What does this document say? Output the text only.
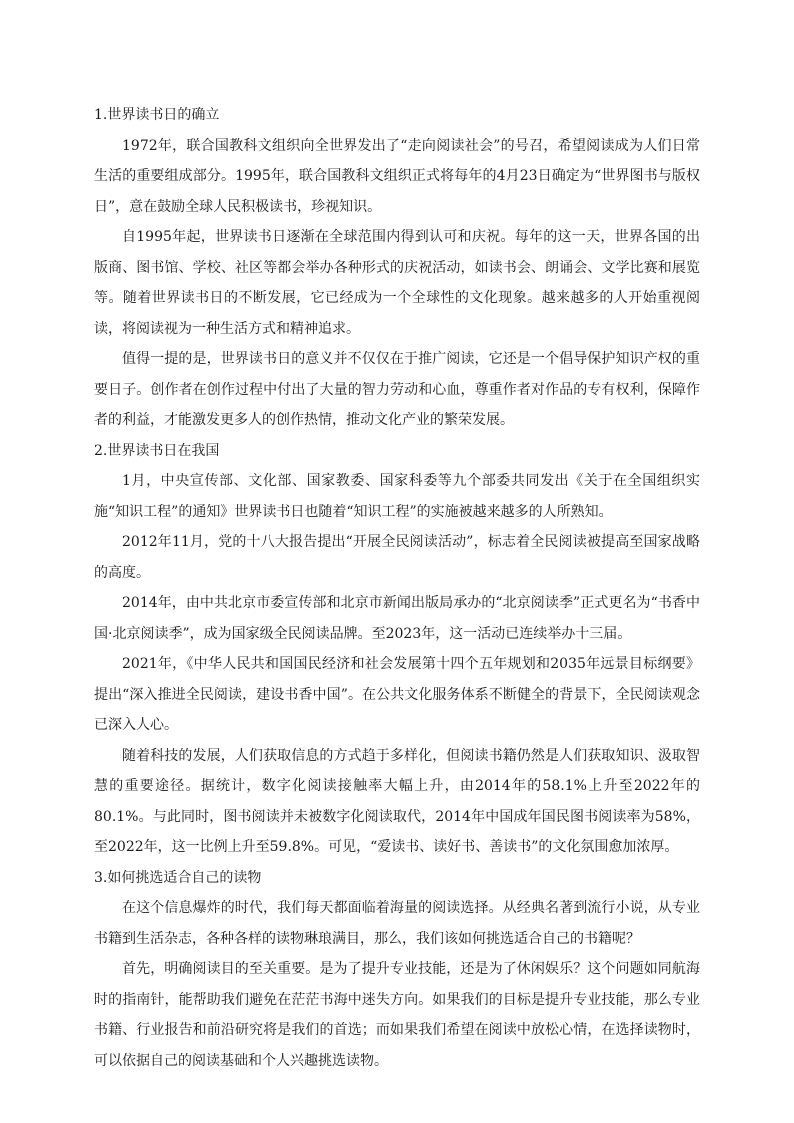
1.世界读书日的确立

1972年，联合国教科文组织向全世界发出了“走向阅读社会”的号召，希望阅读成为人们日常生活的重要组成部分。1995年，联合国教科文组织正式将每年的4月23日确定为“世界图书与版权日”，意在鼓励全球人民积极读书，珍视知识。

自1995年起，世界读书日逐渐在全球范围内得到认可和庆祝。每年的这一天，世界各国的出版商、图书馆、学校、社区等都会举办各种形式的庆祝活动，如读书会、朗诵会、文学比赛和展览等。随着世界读书日的不断发展，它已经成为一个全球性的文化现象。越来越多的人开始重视阅读，将阅读视为一种生活方式和精神追求。

值得一提的是，世界读书日的意义并不仅仅在于推广阅读，它还是一个倡导保护知识产权的重要日子。创作者在创作过程中付出了大量的智力劳动和心血，尊重作者对作品的专有权利，保障作者的利益，才能激发更多人的创作热情，推动文化产业的繁荣发展。

2.世界读书日在我国

1月，中央宣传部、文化部、国家教委、国家科委等九个部委共同发出《关于在全国组织实施“知识工程”的通知》世界读书日也随着“知识工程”的实施被越来越多的人所熟知。

2012年11月，党的十八大报告提出“开展全民阅读活动”，标志着全民阅读被提高至国家战略的高度。

2014年，由中共北京市委宣传部和北京市新闻出版局承办的“北京阅读季”正式更名为“书香中国·北京阅读季”，成为国家级全民阅读品牌。至2023年，这一活动已连续举办十三届。

2021年，《中华人民共和国国民经济和社会发展第十四个五年规划和2035年远景目标纲要》提出“深入推进全民阅读，建设书香中国”。在公共文化服务体系不断健全的背景下，全民阅读观念已深入人心。

随着科技的发展，人们获取信息的方式趋于多样化，但阅读书籍仍然是人们获取知识、汲取智慧的重要途径。据统计，数字化阅读接触率大幅上升，由2014年的58.1%上升至2022年的80.1%。与此同时，图书阅读并未被数字化阅读取代，2014年中国成年国民图书阅读率为58%，至2022年，这一比例上升至59.8%。可见，“爱读书、读好书、善读书”的文化氛围愈加浓厚。

3.如何挑选适合自己的读物

在这个信息爆炸的时代，我们每天都面临着海量的阅读选择。从经典名著到流行小说，从专业书籍到生活杂志，各种各样的读物琳琅满目，那么，我们该如何挑选适合自己的书籍呢？

首先，明确阅读目的至关重要。是为了提升专业技能，还是为了休闲娱乐？这个问题如同航海时的指南针，能帮助我们避免在茫茫书海中迷失方向。如果我们的目标是提升专业技能，那么专业书籍、行业报告和前沿研究将是我们的首选；而如果我们希望在阅读中放松心情，在选择读物时，可以依据自己的阅读基础和个人兴趣挑选读物。
